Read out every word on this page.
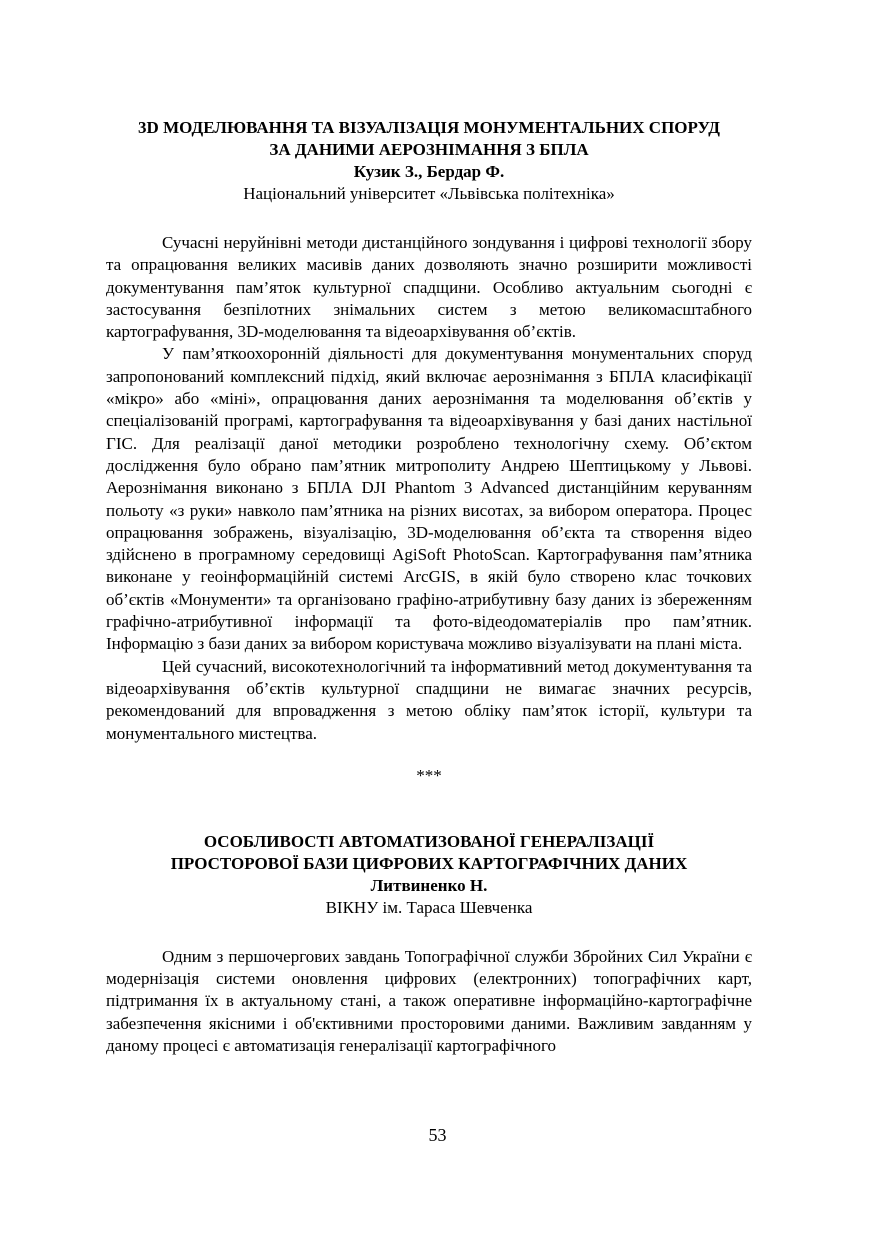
3D МОДЕЛЮВАННЯ ТА ВІЗУАЛІЗАЦІЯ МОНУМЕНТАЛЬНИХ СПОРУД ЗА ДАНИМИ АЕРОЗНІМАННЯ З БПЛА

Кузик З., Бердар Ф.

Національний університет «Львівська політехніка»

Сучасні неруйнівні методи дистанційного зондування і цифрові технології збору та опрацювання великих масивів даних дозволяють значно розширити можливості документування пам’яток культурної спадщини. Особливо актуальним сьогодні є застосування безпілотних знімальних систем з метою великомасштабного картографування, 3D-моделювання та відеоархівування об’єктів.

У пам’яткоохоронній діяльності для документування монументальних споруд запропонований комплексний підхід, який включає аерознімання з БПЛА класифікації «мікро» або «міні», опрацювання даних аерознімання та моделювання об’єктів у спеціалізованій програмі, картографування та відеоархівування у базі даних настільної ГІС. Для реалізації даної методики розроблено технологічну схему. Об’єктом дослідження було обрано пам’ятник митрополиту Андрею Шептицькому у Львові. Аерознімання виконано з БПЛА DJI Phantom 3 Advanced дистанційним керуванням польоту «з руки» навколо пам’ятника на різних висотах, за вибором оператора. Процес опрацювання зображень, візуалізацію, 3D-моделювання об’єкта та створення відео здійснено в програмному середовищі AgiSoft PhotoScan. Картографування пам’ятника виконане у геоінформаційній системі ArcGIS, в якій було створено клас точкових об’єктів «Монументи» та організовано графіно-атрибутивну базу даних із збереженням графічно-атрибутивної інформації та фото-відеодоматеріалів про пам’ятник. Інформацію з бази даних за вибором користувача можливо візуалізувати на плані міста.

Цей сучасний, високотехнологічний та інформативний метод документування та відеоархівування об’єктів культурної спадщини не вимагає значних ресурсів, рекомендований для впровадження з метою обліку пам’яток історії, культури та монументального мистецтва.

***

ОСОБЛИВОСТІ АВТОМАТИЗОВАНОЇ ГЕНЕРАЛІЗАЦІЇ ПРОСТОРОВОЇ БАЗИ ЦИФРОВИХ КАРТОГРАФІЧНИХ ДАНИХ

Литвиненко Н.

ВІКНУ ім. Тараса Шевченка

Одним з першочергових завдань Топографічної служби Збройних Сил України є модернізація системи оновлення цифрових (електронних) топографічних карт, підтримання їх в актуальному стані, а також оперативне інформаційно-картографічне забезпечення якісними і об'єктивними просторовими даними. Важливим завданням у даному процесі є автоматизація генералізації картографічного

53
